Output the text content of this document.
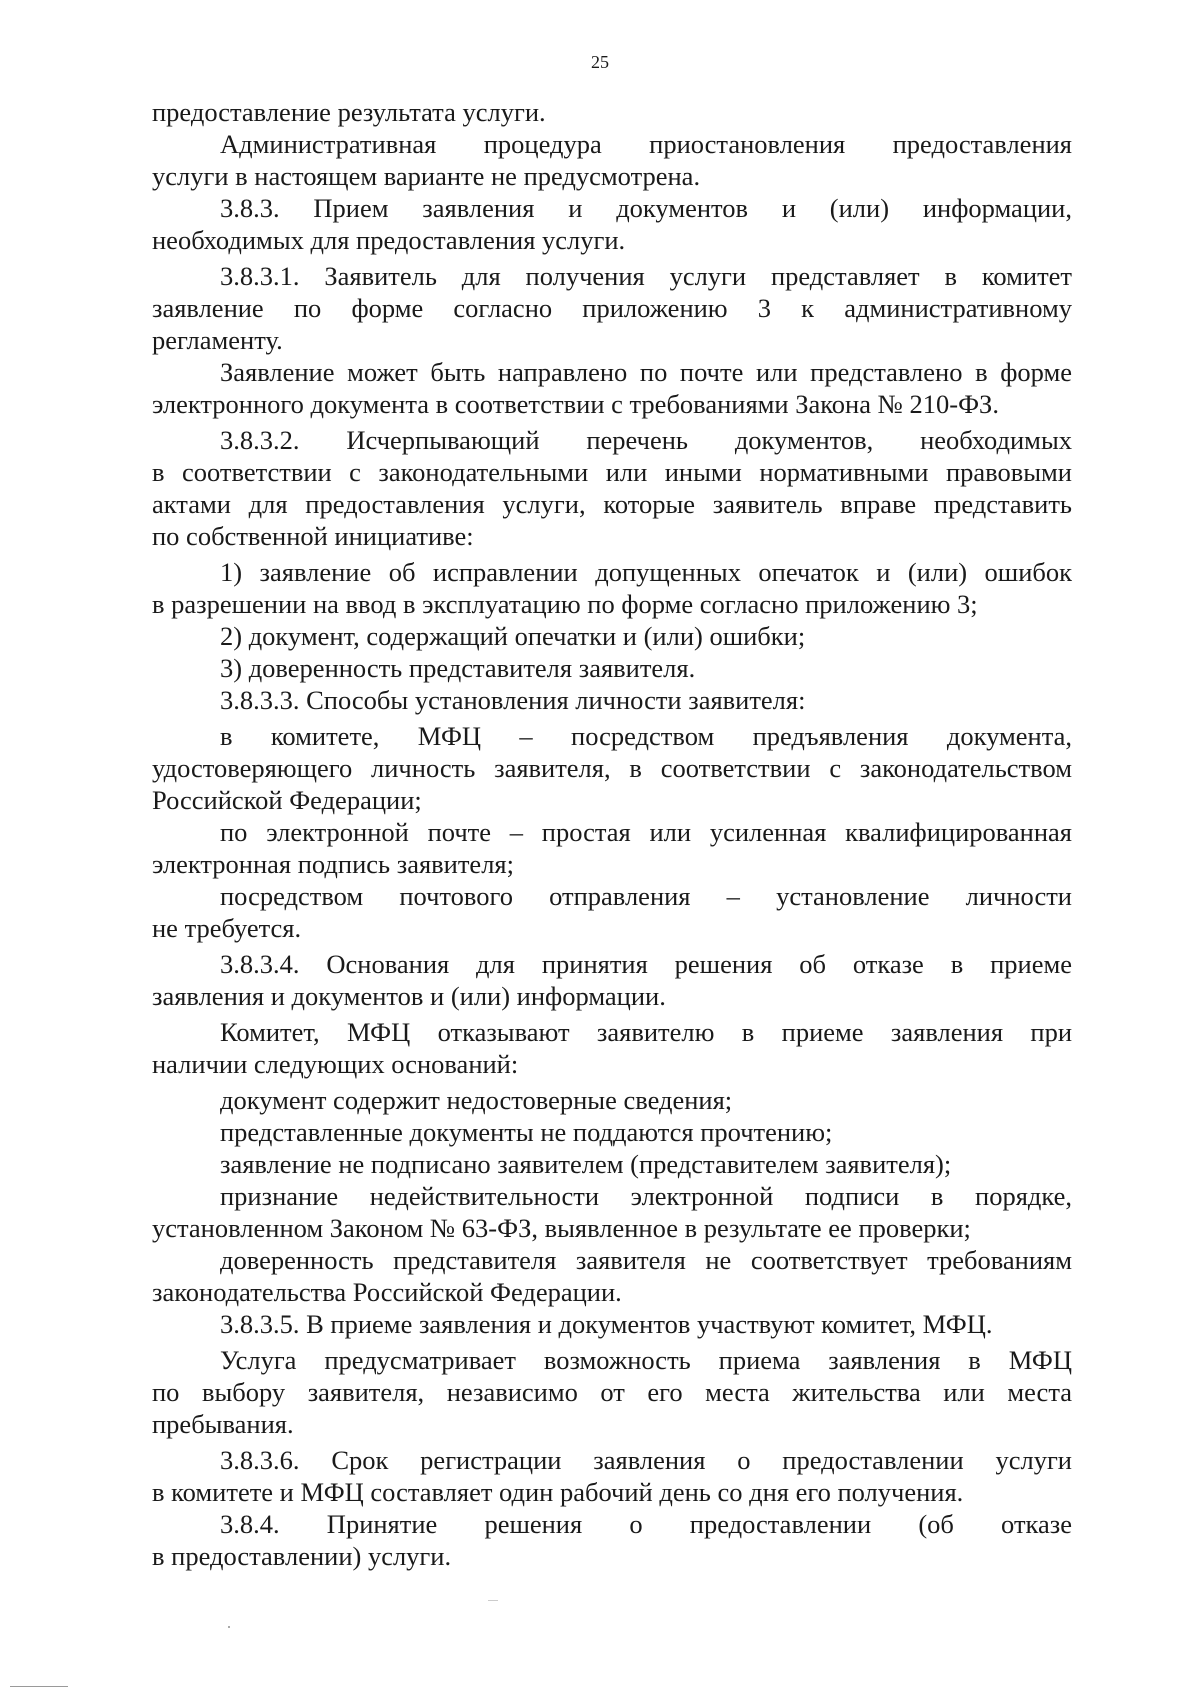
25

предоставление результата услуги.

Административная процедура приостановления предоставления

услуги в настоящем варианте не предусмотрена.

3.8.3. Прием заявления и документов и (или) информации,

необходимых для предоставления услуги.

3.8.3.1. Заявитель для получения услуги представляет в комитет

заявление по форме согласно приложению 3 к административному

регламенту.

Заявление может быть направлено по почте или представлено в форме

электронного документа в соответствии с требованиями Закона № 210-ФЗ.

3.8.3.2. Исчерпывающий перечень документов, необходимых

в соответствии с законодательными или иными нормативными правовыми

актами для предоставления услуги, которые заявитель вправе представить

по собственной инициативе:

1) заявление об исправлении допущенных опечаток и (или) ошибок

в разрешении на ввод в эксплуатацию по форме согласно приложению 3;

2) документ, содержащий опечатки и (или) ошибки;

3) доверенность представителя заявителя.

3.8.3.3. Способы установления личности заявителя:

в комитете, МФЦ – посредством предъявления документа,

удостоверяющего личность заявителя, в соответствии с законодательством

Российской Федерации;

по электронной почте – простая или усиленная квалифицированная

электронная подпись заявителя;

посредством почтового отправления – установление личности

не требуется.

3.8.3.4. Основания для принятия решения об отказе в приеме

заявления и документов и (или) информации.

Комитет, МФЦ отказывают заявителю в приеме заявления при

наличии следующих оснований:

документ содержит недостоверные сведения;

представленные документы не поддаются прочтению;

заявление не подписано заявителем (представителем заявителя);

признание недействительности электронной подписи в порядке,

установленном Законом № 63-ФЗ, выявленное в результате ее проверки;

доверенность представителя заявителя не соответствует требованиям

законодательства Российской Федерации.

3.8.3.5. В приеме заявления и документов участвуют комитет, МФЦ.

Услуга предусматривает возможность приема заявления в МФЦ

по выбору заявителя, независимо от его места жительства или места

пребывания.

3.8.3.6. Срок регистрации заявления о предоставлении услуги

в комитете и МФЦ составляет один рабочий день со дня его получения.

3.8.4. Принятие решения о предоставлении (об отказе

в предоставлении) услуги.
